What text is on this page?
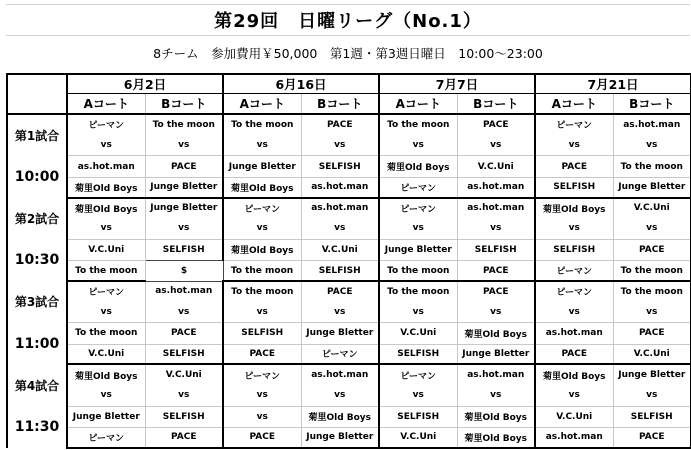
第29回　日曜リーグ（No.1）
8チーム　参加費用￥50,000　第1週・第3週日曜日　10:00～23:00
	6月2日		6月16日		7月7日		7月21日	
	Aコート	Bコート	Aコート	Bコート	Aコート	Bコート	Aコート	Bコート
第1試合	ピーマン	To the moon	To the moon	PACE	To the moon	PACE	ピーマン	as.hot.man
	vs	vs	vs	vs	vs	vs	vs	vs
10:00	as.hot.man	PACE	Junge Bletter	SELFISH	菊里Old Boys	V.C.Uni	PACE	To the moon
	菊里Old Boys	Junge Bletter	菊里Old Boys	as.hot.man	ピーマン	as.hot.man	SELFISH	Junge Bletter
第2試合	菊里Old Boys	Junge Bletter	ピーマン	as.hot.man	ピーマン	as.hot.man	菊里Old Boys	V.C.Uni
	vs	vs	vs	vs	vs	vs	vs	vs
10:30	V.C.Uni	SELFISH	菊里Old Boys	V.C.Uni	Junge Bletter	SELFISH	SELFISH	PACE
	To the moon	$	To the moon	SELFISH	To the moon	PACE	ピーマン	To the moon
第3試合	ピーマン	as.hot.man	To the moon	PACE	To the moon	PACE	ピーマン	To the moon
	vs	vs	vs	vs	vs	vs	vs	vs
11:00	To the moon	PACE	SELFISH	Junge Bletter	V.C.Uni	菊里Old Boys	as.hot.man	PACE
	V.C.Uni	SELFISH	PACE	ピーマン	SELFISH	Junge Bletter	PACE	V.C.Uni
第4試合	菊里Old Boys	V.C.Uni	ピーマン	as.hot.man	ピーマン	as.hot.man	菊里Old Boys	Junge Bletter
	vs	vs	vs	vs	vs	vs	vs	vs
11:30	Junge Bletter	SELFISH	vs	菊里Old Boys	SELFISH	菊里Old Boys	V.C.Uni	SELFISH
	ピーマン	PACE	PACE	Junge Bletter	V.C.Uni	菊里Old Boys	as.hot.man	PACE
